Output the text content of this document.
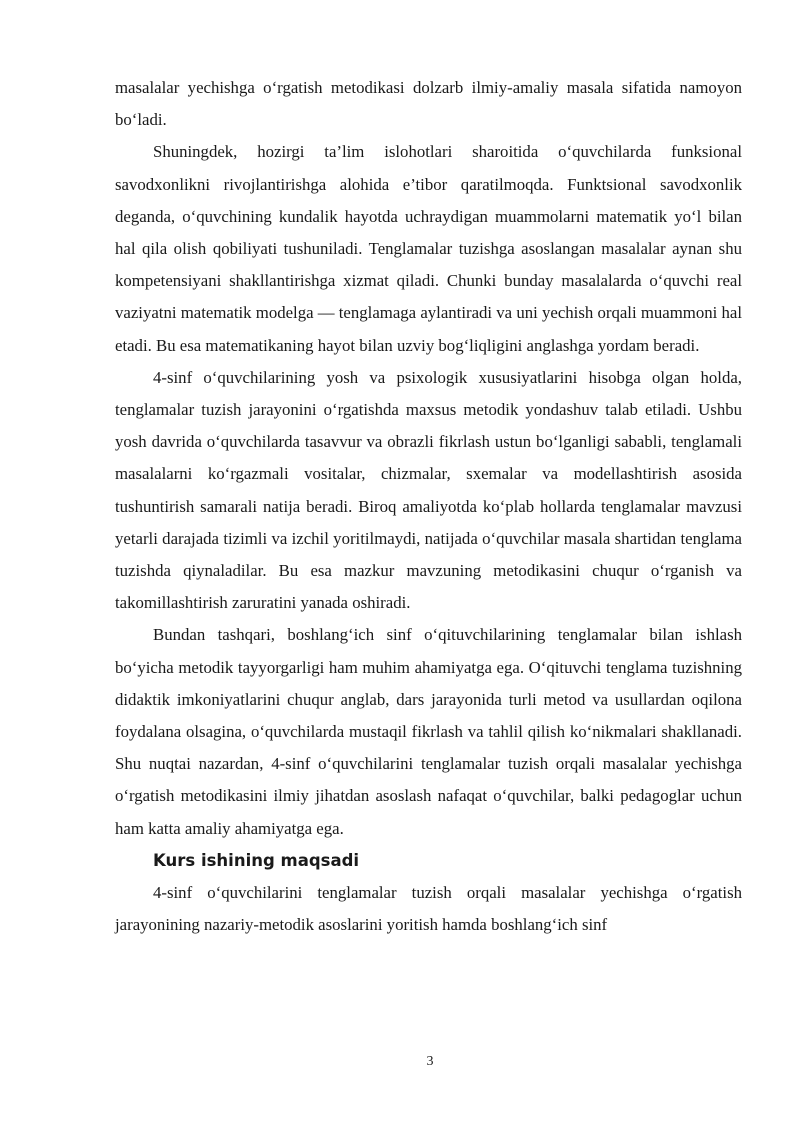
masalalar yechishga o‘rgatish metodikasi dolzarb ilmiy-amaliy masala sifatida namoyon bo‘ladi.

Shuningdek, hozirgi ta’lim islohotlari sharoitida o‘quvchilarda funksional savodxonlikni rivojlantirishga alohida e’tibor qaratilmoqda. Funktsional savodxonlik deganda, o‘quvchining kundalik hayotda uchraydigan muammolarni matematik yo‘l bilan hal qila olish qobiliyati tushuniladi. Tenglamalar tuzishga asoslangan masalalar aynan shu kompetensiyani shakllantirishga xizmat qiladi. Chunki bunday masalalarda o‘quvchi real vaziyatni matematik modelga — tenglamaga aylantiradi va uni yechish orqali muammoni hal etadi. Bu esa matematikaning hayot bilan uzviy bog‘liqligini anglashga yordam beradi.

4-sinf o‘quvchilarining yosh va psixologik xususiyatlarini hisobga olgan holda, tenglamalar tuzish jarayonini o‘rgatishda maxsus metodik yondashuv talab etiladi. Ushbu yosh davrida o‘quvchilarda tasavvur va obrazli fikrlash ustun bo‘lganligi sababli, tenglamali masalalarni ko‘rgazmali vositalar, chizmalar, sxemalar va modellashtirish asosida tushuntirish samarali natija beradi. Biroq amaliyotda ko‘plab hollarda tenglamalar mavzusi yetarli darajada tizimli va izchil yoritilmaydi, natijada o‘quvchilar masala shartidan tenglama tuzishda qiynaladilar. Bu esa mazkur mavzuning metodikasini chuqur o‘rganish va takomillashtirish zaruratini yanada oshiradi.

Bundan tashqari, boshlang‘ich sinf o‘qituvchilarining tenglamalar bilan ishlash bo‘yicha metodik tayyorgarligi ham muhim ahamiyatga ega. O‘qituvchi tenglama tuzishning didaktik imkoniyatlarini chuqur anglab, dars jarayonida turli metod va usullardan oqilona foydalana olsagina, o‘quvchilarda mustaqil fikrlash va tahlil qilish ko‘nikmalari shakllanadi. Shu nuqtai nazardan, 4-sinf o‘quvchilarini tenglamalar tuzish orqali masalalar yechishga o‘rgatish metodikasini ilmiy jihatdan asoslash nafaqat o‘quvchilar, balki pedagoglar uchun ham katta amaliy ahamiyatga ega.

Kurs ishining maqsadi

4-sinf o‘quvchilarini tenglamalar tuzish orqali masalalar yechishga o‘rgatish jarayonining nazariy-metodik asoslarini yoritish hamda boshlang‘ich sinf

3
